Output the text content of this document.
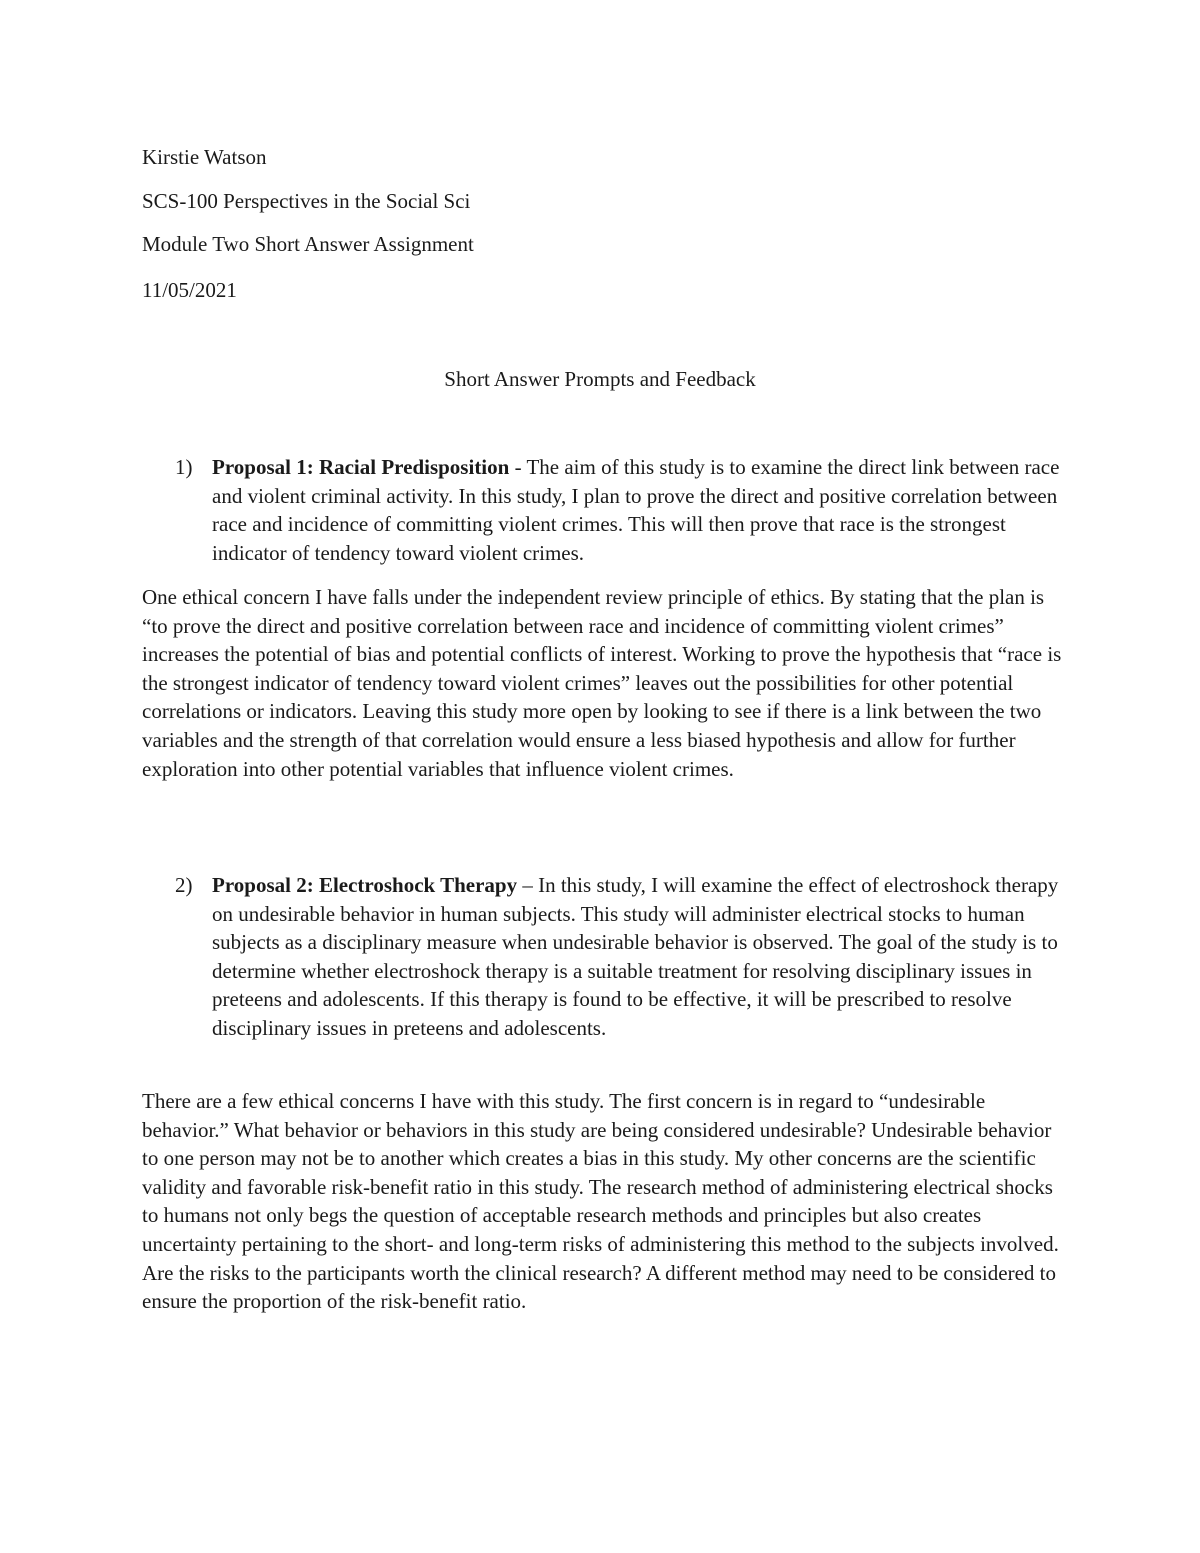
Kirstie Watson
SCS-100 Perspectives in the Social Sci
Module Two Short Answer Assignment
11/05/2021
Short Answer Prompts and Feedback
1) Proposal 1: Racial Predisposition - The aim of this study is to examine the direct link between race and violent criminal activity. In this study, I plan to prove the direct and positive correlation between race and incidence of committing violent crimes. This will then prove that race is the strongest indicator of tendency toward violent crimes.

One ethical concern I have falls under the independent review principle of ethics. By stating that the plan is “to prove the direct and positive correlation between race and incidence of committing violent crimes” increases the potential of bias and potential conflicts of interest. Working to prove the hypothesis that “race is the strongest indicator of tendency toward violent crimes” leaves out the possibilities for other potential correlations or indicators. Leaving this study more open by looking to see if there is a link between the two variables and the strength of that correlation would ensure a less biased hypothesis and allow for further exploration into other potential variables that influence violent crimes.

2) Proposal 2: Electroshock Therapy – In this study, I will examine the effect of electroshock therapy on undesirable behavior in human subjects. This study will administer electrical stocks to human subjects as a disciplinary measure when undesirable behavior is observed. The goal of the study is to determine whether electroshock therapy is a suitable treatment for resolving disciplinary issues in preteens and adolescents. If this therapy is found to be effective, it will be prescribed to resolve disciplinary issues in preteens and adolescents.

There are a few ethical concerns I have with this study. The first concern is in regard to “undesirable behavior.” What behavior or behaviors in this study are being considered undesirable? Undesirable behavior to one person may not be to another which creates a bias in this study. My other concerns are the scientific validity and favorable risk-benefit ratio in this study. The research method of administering electrical shocks to humans not only begs the question of acceptable research methods and principles but also creates uncertainty pertaining to the short- and long-term risks of administering this method to the subjects involved. Are the risks to the participants worth the clinical research? A different method may need to be considered to ensure the proportion of the risk-benefit ratio.
